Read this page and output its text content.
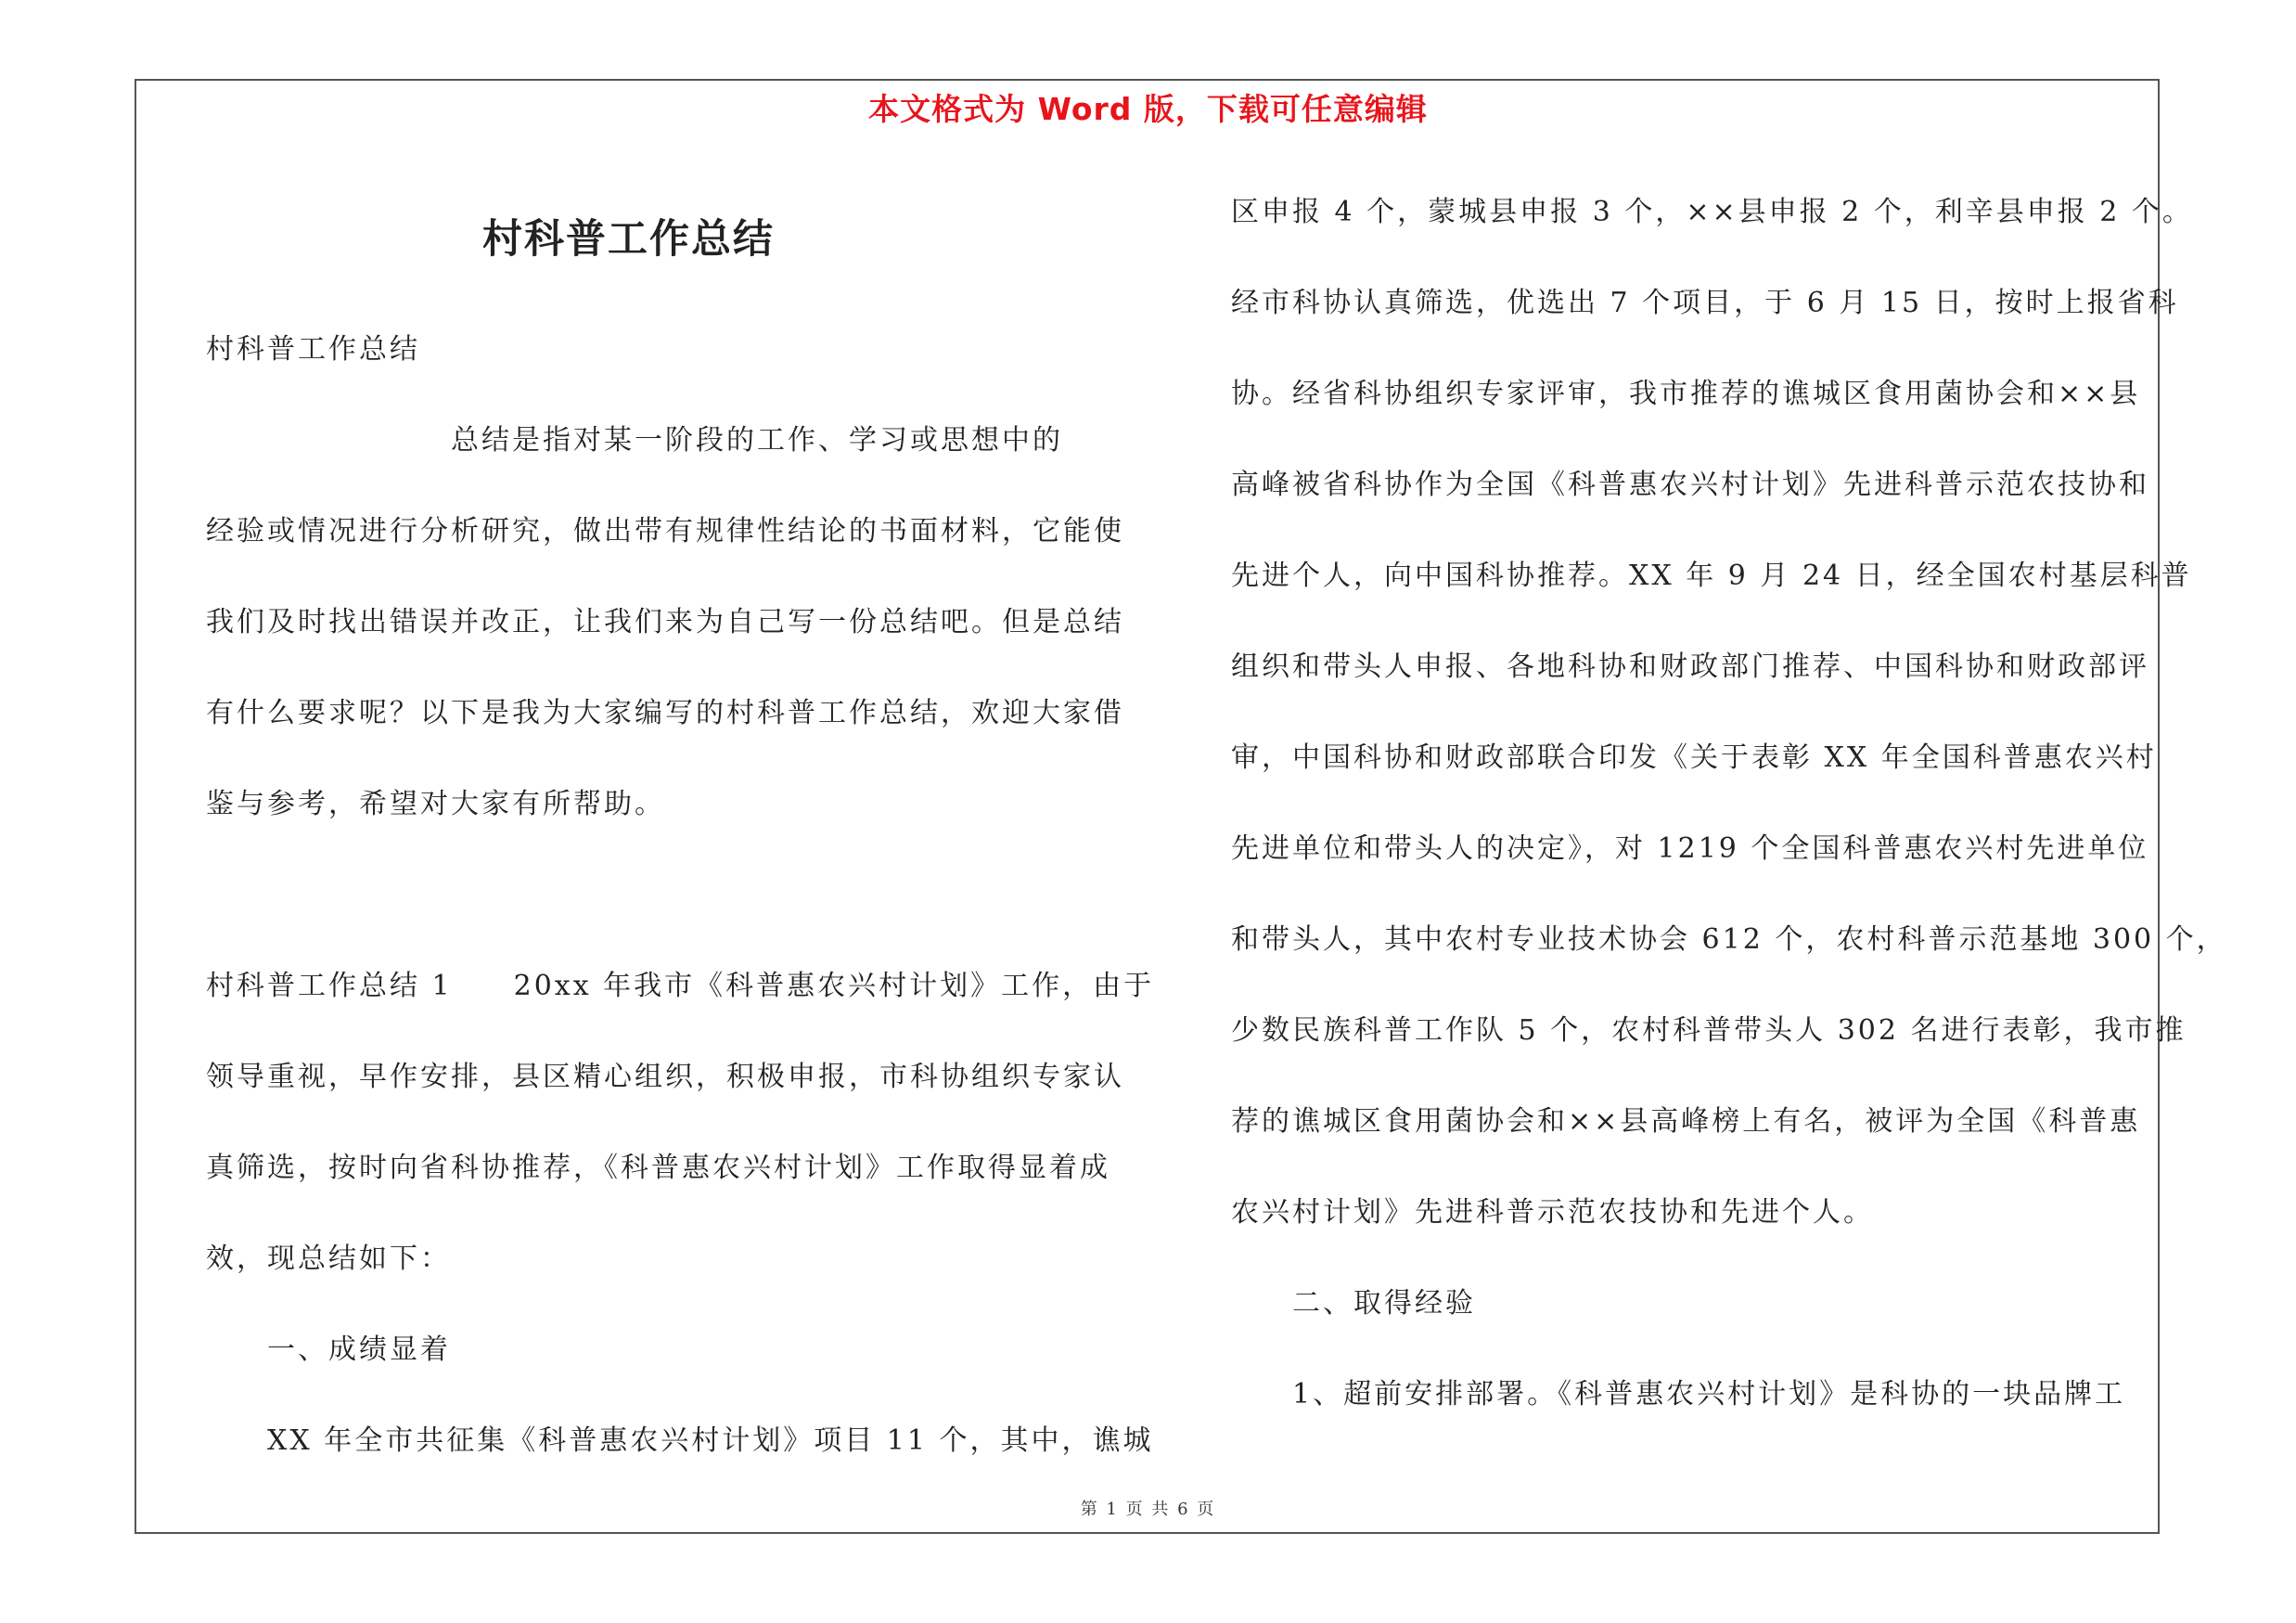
本文格式为 Word 版，下载可任意编辑
村科普工作总结
村科普工作总结
　　　　　　　　总结是指对某一阶段的工作、学习或思想中的
经验或情况进行分析研究，做出带有规律性结论的书面材料，它能使
我们及时找出错误并改正，让我们来为自己写一份总结吧。但是总结
有什么要求呢？以下是我为大家编写的村科普工作总结，欢迎大家借
鉴与参考，希望对大家有所帮助。
村科普工作总结 1　　20xx 年我市《科普惠农兴村计划》工作，由于
领导重视，早作安排，县区精心组织，积极申报，市科协组织专家认
真筛选，按时向省科协推荐，《科普惠农兴村计划》工作取得显着成
效，现总结如下：
　　一、成绩显着
　　XX 年全市共征集《科普惠农兴村计划》项目 11 个，其中，谯城
区申报 4 个，蒙城县申报 3 个，××县申报 2 个，利辛县申报 2 个。
经市科协认真筛选，优选出 7 个项目，于 6 月 15 日，按时上报省科
协。经省科协组织专家评审，我市推荐的谯城区食用菌协会和××县
高峰被省科协作为全国《科普惠农兴村计划》先进科普示范农技协和
先进个人，向中国科协推荐。XX 年 9 月 24 日，经全国农村基层科普
组织和带头人申报、各地科协和财政部门推荐、中国科协和财政部评
审，中国科协和财政部联合印发《关于表彰 XX 年全国科普惠农兴村
先进单位和带头人的决定》，对 1219 个全国科普惠农兴村先进单位
和带头人，其中农村专业技术协会 612 个，农村科普示范基地 300 个，
少数民族科普工作队 5 个，农村科普带头人 302 名进行表彰，我市推
荐的谯城区食用菌协会和××县高峰榜上有名，被评为全国《科普惠
农兴村计划》先进科普示范农技协和先进个人。
　　二、取得经验
　　1、超前安排部署。《科普惠农兴村计划》是科协的一块品牌工
第 1 页 共 6 页
